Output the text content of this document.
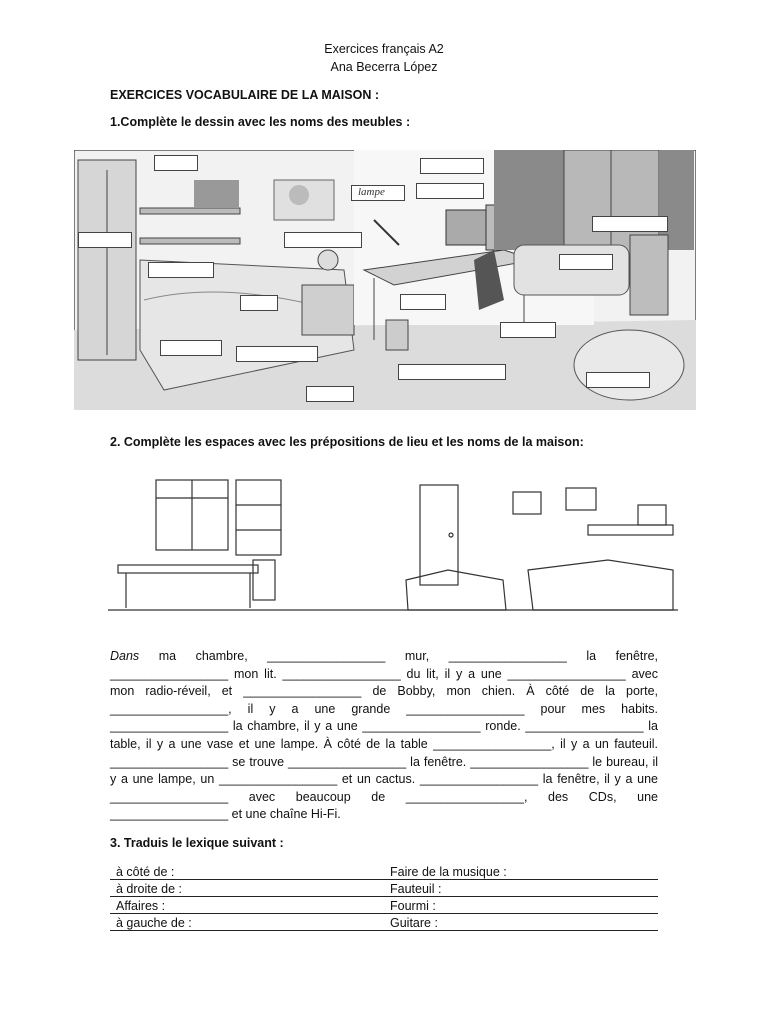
Exercices français A2
Ana Becerra López
EXERCICES VOCABULAIRE DE LA MAISON :
1.Complète le dessin avec les noms des meubles :
lampe
2. Complète les espaces avec les prépositions de lieu et les noms de la maison:
Dans ma chambre, _________________ mur, _________________ la fenêtre, _________________ mon lit. _________________ du lit, il y a une _________________ avec mon radio-réveil, et _________________ de Bobby, mon chien. À côté de la porte, _________________, il y a une grande _________________ pour mes habits. _________________ la chambre, il y a une _________________ ronde. _________________ la table, il y a une vase et une lampe. À côté de la table _________________, il y a un fauteuil. _________________ se trouve _________________ la fenêtre. _________________ le bureau, il y a une lampe, un _________________ et un cactus. _________________ la fenêtre, il y a une _________________ avec beaucoup de _________________, des CDs, une _________________ et une chaîne Hi-Fi.
3. Traduis le lexique suivant :
à côté de :	Faire de la musique :
à droite de :	Fauteuil :
Affaires :	Fourmi :
à gauche de :	Guitare :
